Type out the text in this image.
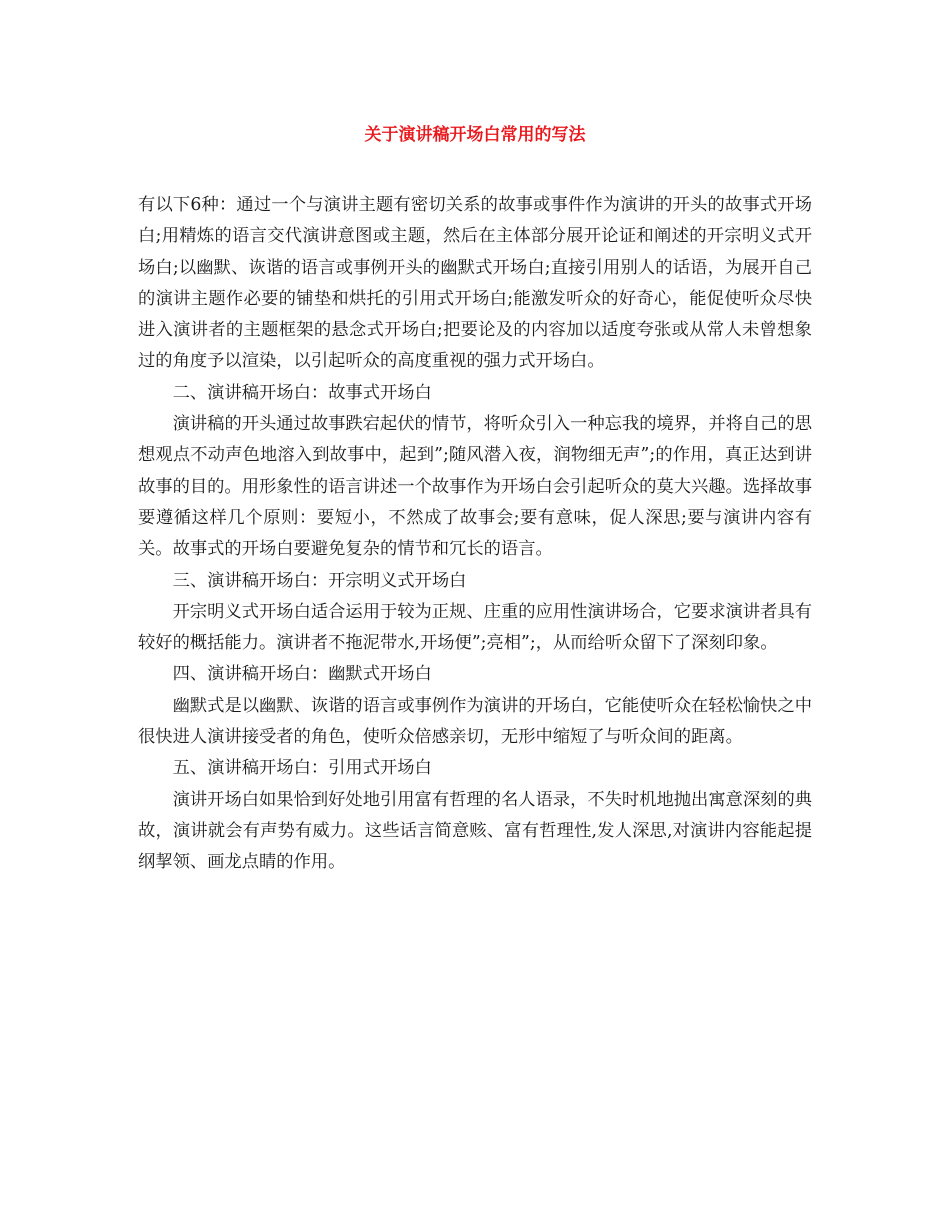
关于演讲稿开场白常用的写法

有以下6种：通过一个与演讲主题有密切关系的故事或事件作为演讲的开头的故事式开场白;用精炼的语言交代演讲意图或主题，然后在主体部分展开论证和阐述的开宗明义式开场白;以幽默、诙谐的语言或事例开头的幽默式开场白;直接引用别人的话语，为展开自己的演讲主题作必要的铺垫和烘托的引用式开场白;能激发听众的好奇心，能促使听众尽快进入演讲者的主题框架的悬念式开场白;把要论及的内容加以适度夸张或从常人未曾想象过的角度予以渲染，以引起听众的高度重视的强力式开场白。

二、演讲稿开场白：故事式开场白

演讲稿的开头通过故事跌宕起伏的情节，将听众引入一种忘我的境界，并将自己的思想观点不动声色地溶入到故事中，起到”;随风潜入夜，润物细无声”;的作用，真正达到讲故事的目的。用形象性的语言讲述一个故事作为开场白会引起听众的莫大兴趣。选择故事要遵循这样几个原则：要短小，不然成了故事会;要有意味，促人深思;要与演讲内容有关。故事式的开场白要避免复杂的情节和冗长的语言。

三、演讲稿开场白：开宗明义式开场白

开宗明义式开场白适合运用于较为正规、庄重的应用性演讲场合，它要求演讲者具有较好的概括能力。演讲者不拖泥带水,开场便”;亮相”;，从而给听众留下了深刻印象。

四、演讲稿开场白：幽默式开场白

幽默式是以幽默、诙谐的语言或事例作为演讲的开场白，它能使听众在轻松愉快之中很快进人演讲接受者的角色，使听众倍感亲切，无形中缩短了与听众间的距离。

五、演讲稿开场白：引用式开场白

演讲开场白如果恰到好处地引用富有哲理的名人语录，不失时机地抛出寓意深刻的典故，演讲就会有声势有威力。这些话言简意赅、富有哲理性,发人深思,对演讲内容能起提纲挈领、画龙点睛的作用。
